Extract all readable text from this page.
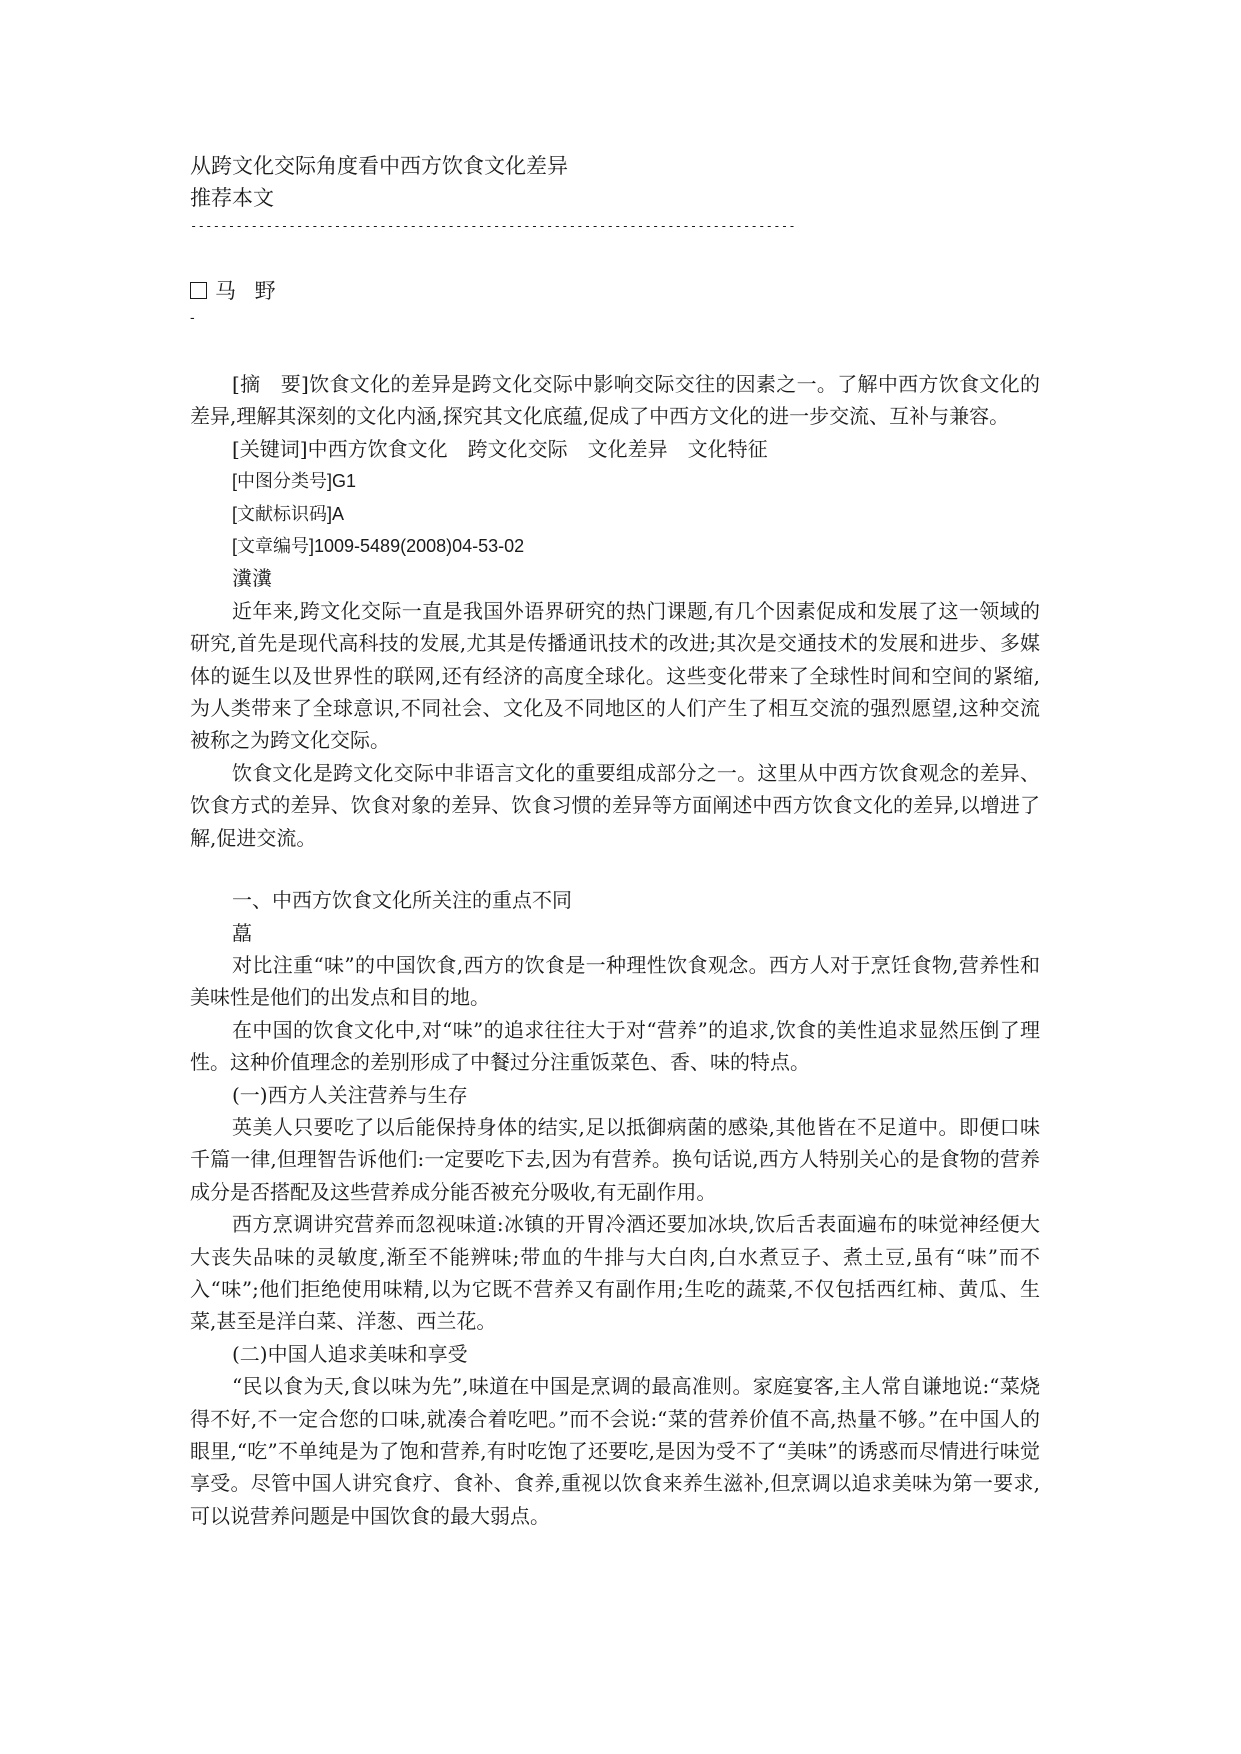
从跨文化交际角度看中西方饮食文化差异
推荐本文
--------------------------------------------------------------------------------
马 野
-

[摘　要]饮食文化的差异是跨文化交际中影响交际交往的因素之一。了解中西方饮食文化的差异,理解其深刻的文化内涵,探究其文化底蕴,促成了中西方文化的进一步交流、互补与兼容。

[关键词]中西方饮食文化　跨文化交际　文化差异　文化特征

[中图分类号]G1

[文献标识码]A

[文章编号]1009-5489(2008)04-53-02

瀵瀵

近年来,跨文化交际一直是我国外语界研究的热门课题,有几个因素促成和发展了这一领域的研究,首先是现代高科技的发展,尤其是传播通讯技术的改进;其次是交通技术的发展和进步、多媒体的诞生以及世界性的联网,还有经济的高度全球化。这些变化带来了全球性时间和空间的紧缩,为人类带来了全球意识,不同社会、文化及不同地区的人们产生了相互交流的强烈愿望,这种交流被称之为跨文化交际。

饮食文化是跨文化交际中非语言文化的重要组成部分之一。这里从中西方饮食观念的差异、饮食方式的差异、饮食对象的差异、饮食习惯的差异等方面阐述中西方饮食文化的差异,以增进了解,促进交流。

一、中西方饮食文化所关注的重点不同

藠

对比注重“味”的中国饮食,西方的饮食是一种理性饮食观念。西方人对于烹饪食物,营养性和美味性是他们的出发点和目的地。

在中国的饮食文化中,对“味”的追求往往大于对“营养”的追求,饮食的美性追求显然压倒了理性。这种价值理念的差别形成了中餐过分注重饭菜色、香、味的特点。

(一)西方人关注营养与生存

英美人只要吃了以后能保持身体的结实,足以抵御病菌的感染,其他皆在不足道中。即便口味千篇一律,但理智告诉他们:一定要吃下去,因为有营养。换句话说,西方人特别关心的是食物的营养成分是否搭配及这些营养成分能否被充分吸收,有无副作用。

西方烹调讲究营养而忽视味道:冰镇的开胃冷酒还要加冰块,饮后舌表面遍布的味觉神经便大大丧失品味的灵敏度,渐至不能辨味;带血的牛排与大白肉,白水煮豆子、煮土豆,虽有“味”而不入“味”;他们拒绝使用味精,以为它既不营养又有副作用;生吃的蔬菜,不仅包括西红柿、黄瓜、生菜,甚至是洋白菜、洋葱、西兰花。

(二)中国人追求美味和享受

“民以食为天,食以味为先”,味道在中国是烹调的最高准则。家庭宴客,主人常自谦地说:“菜烧得不好,不一定合您的口味,就凑合着吃吧。”而不会说:“菜的营养价值不高,热量不够。”在中国人的眼里,“吃”不单纯是为了饱和营养,有时吃饱了还要吃,是因为受不了“美味”的诱惑而尽情进行味觉享受。尽管中国人讲究食疗、食补、食养,重视以饮食来养生滋补,但烹调以追求美味为第一要求,可以说营养问题是中国饮食的最大弱点。
